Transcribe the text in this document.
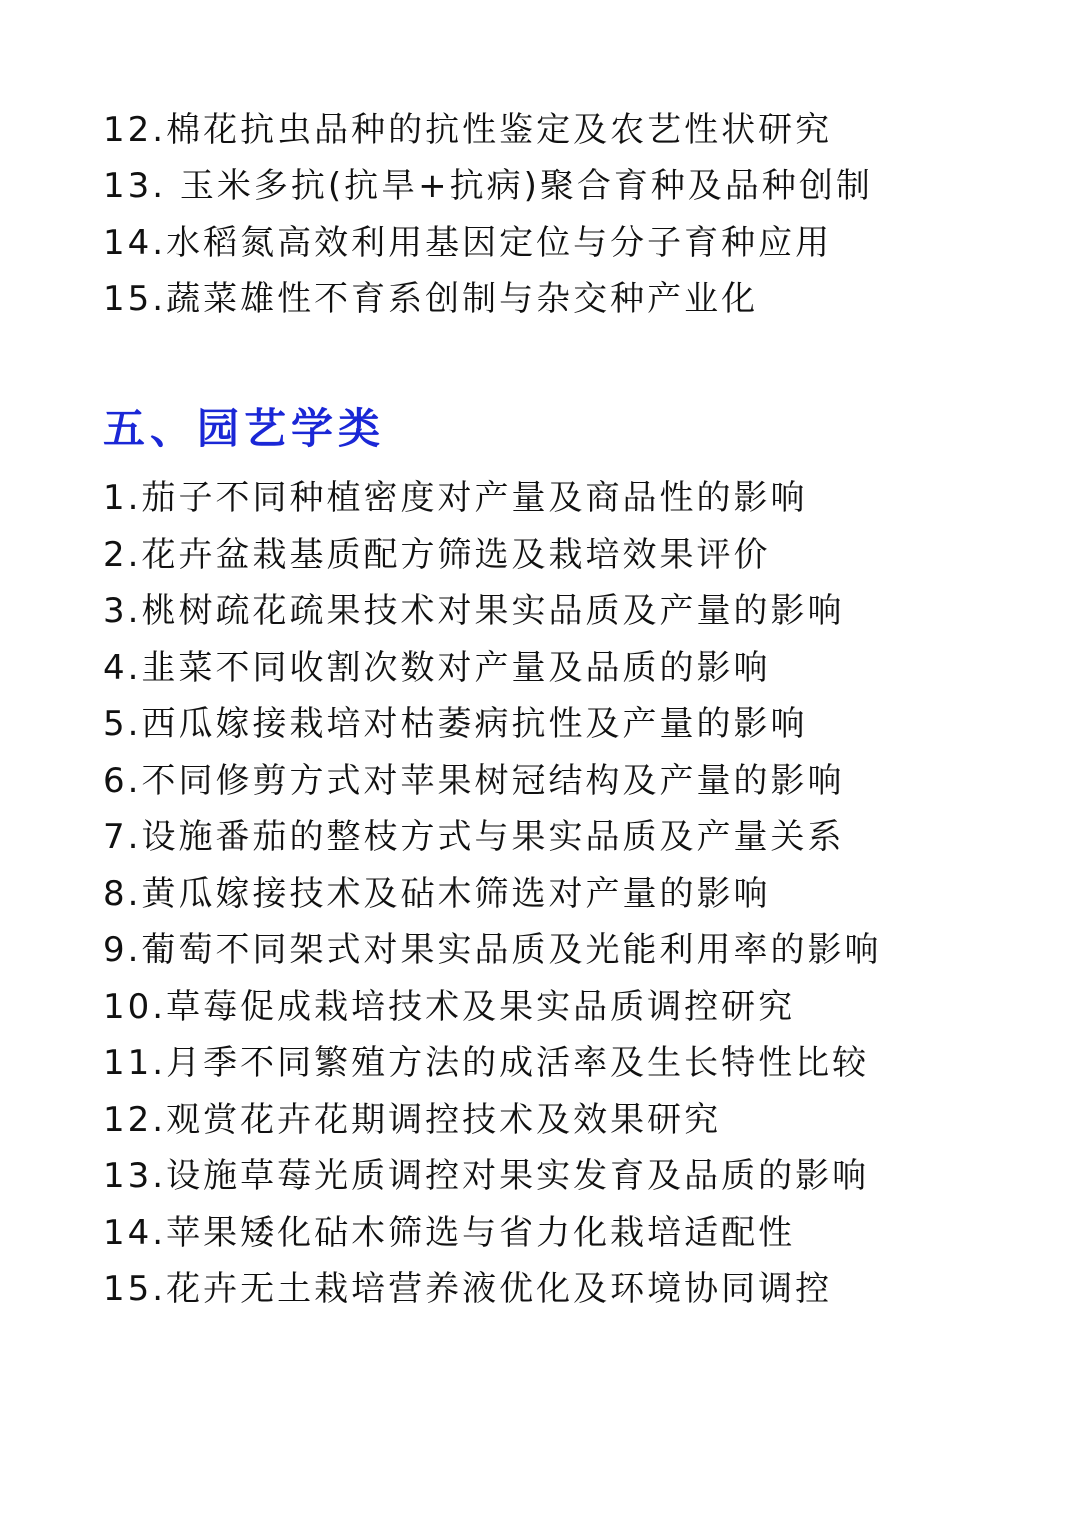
12.棉花抗虫品种的抗性鉴定及农艺性状研究
13. 玉米多抗(抗旱+抗病)聚合育种及品种创制
14.水稻氮高效利用基因定位与分子育种应用
15.蔬菜雄性不育系创制与杂交种产业化
五、园艺学类
1.茄子不同种植密度对产量及商品性的影响
2.花卉盆栽基质配方筛选及栽培效果评价
3.桃树疏花疏果技术对果实品质及产量的影响
4.韭菜不同收割次数对产量及品质的影响
5.西瓜嫁接栽培对枯萎病抗性及产量的影响
6.不同修剪方式对苹果树冠结构及产量的影响
7.设施番茄的整枝方式与果实品质及产量关系
8.黄瓜嫁接技术及砧木筛选对产量的影响
9.葡萄不同架式对果实品质及光能利用率的影响
10.草莓促成栽培技术及果实品质调控研究
11.月季不同繁殖方法的成活率及生长特性比较
12.观赏花卉花期调控技术及效果研究
13.设施草莓光质调控对果实发育及品质的影响
14.苹果矮化砧木筛选与省力化栽培适配性
15.花卉无土栽培营养液优化及环境协同调控
